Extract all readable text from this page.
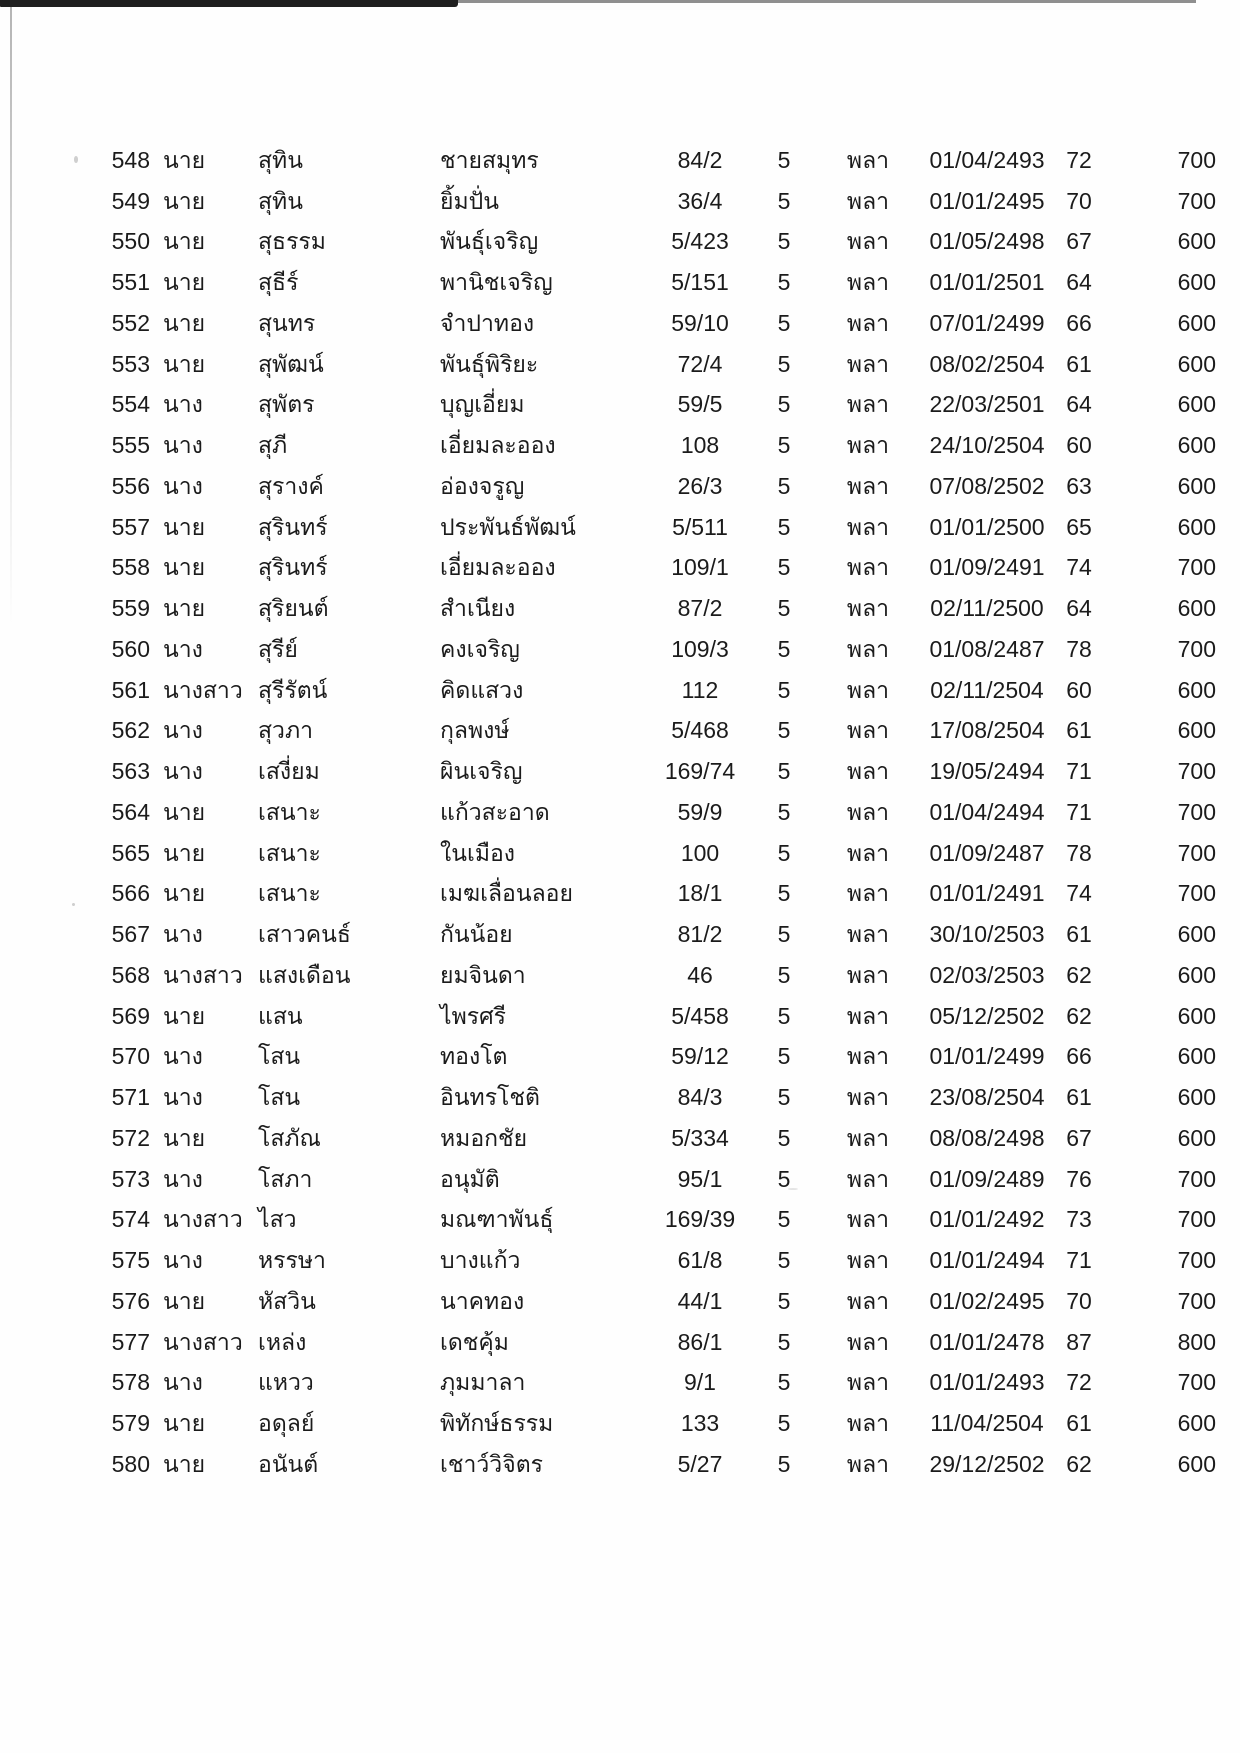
548 นาย	สุทิน	ชายสมุทร	84/2	5	พลา	01/04/2493 72	700
549 นาย	สุทิน	ยิ้มปั่น	36/4	5	พลา	01/01/2495 70	700
550 นาย	สุธรรม	พันธุ์เจริญ	5/423	5	พลา	01/05/2498 67	600
551 นาย	สุธีร์	พานิชเจริญ	5/151	5	พลา	01/01/2501 64	600
552 นาย	สุนทร	จำปาทอง	59/10	5	พลา	07/01/2499 66	600
553 นาย	สุพัฒน์	พันธุ์พิริยะ	72/4	5	พลา	08/02/2504 61	600
554 นาง	สุพัตร	บุญเอี่ยม	59/5	5	พลา	22/03/2501 64	600
555 นาง	สุภี	เอี่ยมละออง	108	5	พลา	24/10/2504 60	600
556 นาง	สุรางค์	อ่องจรูญ	26/3	5	พลา	07/08/2502 63	600
557 นาย	สุรินทร์	ประพันธ์พัฒน์	5/511	5	พลา	01/01/2500 65	600
558 นาย	สุรินทร์	เอี่ยมละออง	109/1	5	พลา	01/09/2491 74	700
559 นาย	สุริยนต์	สำเนียง	87/2	5	พลา	02/11/2500 64	600
560 นาง	สุรีย์	คงเจริญ	109/3	5	พลา	01/08/2487 78	700
561 นางสาว สุรีรัตน์	คิดแสวง	112	5	พลา	02/11/2504 60	600
562 นาง	สุวภา	กุลพงษ์	5/468	5	พลา	17/08/2504 61	600
563 นาง	เสงี่ยม	ผินเจริญ	169/74	5	พลา	19/05/2494 71	700
564 นาย	เสนาะ	แก้วสะอาด	59/9	5	พลา	01/04/2494 71	700
565 นาย	เสนาะ	ในเมือง	100	5	พลา	01/09/2487 78	700
566 นาย	เสนาะ	เมฆเลื่อนลอย	18/1	5	พลา	01/01/2491 74	700
567 นาง	เสาวคนธ์	กันน้อย	81/2	5	พลา	30/10/2503 61	600
568 นางสาว แสงเดือน	ยมจินดา	46	5	พลา	02/03/2503 62	600
569 นาย	แสน	ไพรศรี	5/458	5	พลา	05/12/2502 62	600
570 นาง	โสน	ทองโต	59/12	5	พลา	01/01/2499 66	600
571 นาง	โสน	อินทรโชติ	84/3	5	พลา	23/08/2504 61	600
572 นาย	โสภัณ	หมอกชัย	5/334	5	พลา	08/08/2498 67	600
573 นาง	โสภา	อนุมัติ	95/1	5	พลา	01/09/2489 76	700
574 นางสาว ไสว	มณฑาพันธุ์	169/39	5	พลา	01/01/2492 73	700
575 นาง	หรรษา	บางแก้ว	61/8	5	พลา	01/01/2494 71	700
576 นาย	หัสวิน	นาคทอง	44/1	5	พลา	01/02/2495 70	700
577 นางสาว เหล่ง	เดชคุ้ม	86/1	5	พลา	01/01/2478 87	800
578 นาง	แหวว	ภุมมาลา	9/1	5	พลา	01/01/2493 72	700
579 นาย	อดุลย์	พิทักษ์ธรรม	133	5	พลา	11/04/2504 61	600
580 นาย	อนันต์	เชาว์วิจิตร	5/27	5	พลา	29/12/2502 62	600
